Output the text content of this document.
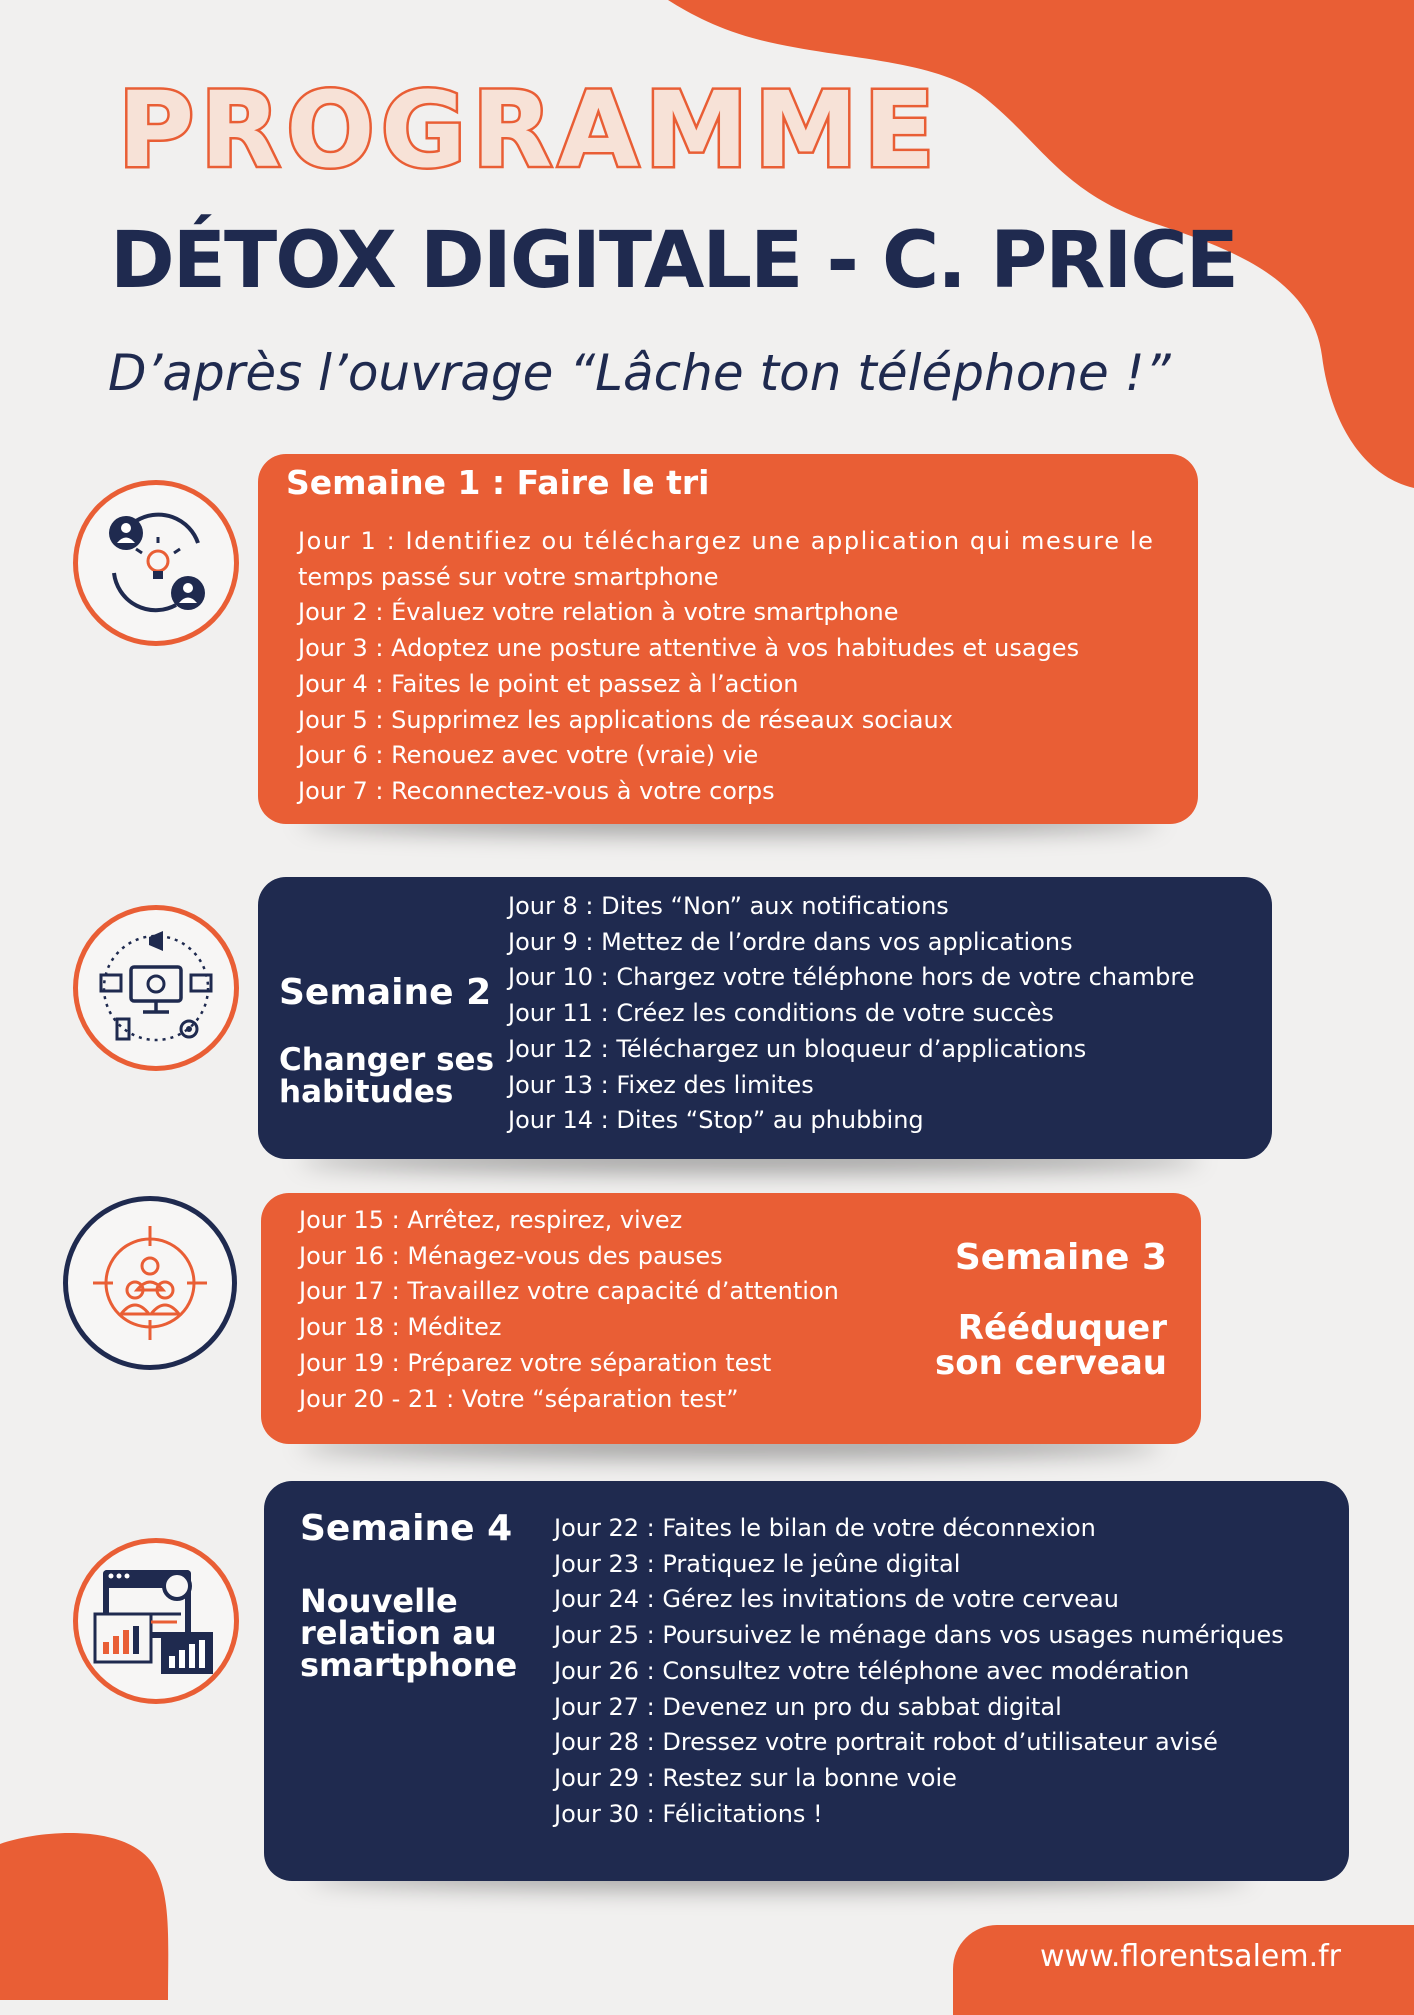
PROGRAMME
DÉTOX DIGITALE - C. PRICE

D’après l’ouvrage “Lâche ton téléphone !”

Semaine 1 : Faire le tri
Jour 1 : Identifiez ou téléchargez une application qui mesure le
temps passé sur votre smartphone
Jour 2 : Évaluez votre relation à votre smartphone
Jour 3 : Adoptez une posture attentive à vos habitudes et usages
Jour 4 : Faites le point et passez à l’action
Jour 5 : Supprimez les applications de réseaux sociaux
Jour 6 : Renouez avec votre (vraie) vie
Jour 7 : Reconnectez-vous à votre corps
Semaine 2
Changer ses
habitudes
Jour 8 : Dites “Non” aux notifications
Jour 9 : Mettez de l’ordre dans vos applications
Jour 10 : Chargez votre téléphone hors de votre chambre
Jour 11 : Créez les conditions de votre succès
Jour 12 : Téléchargez un bloqueur d’applications
Jour 13 : Fixez des limites
Jour 14 : Dites “Stop” au phubbing
Jour 15 : Arrêtez, respirez, vivez
Jour 16 : Ménagez-vous des pauses
Jour 17 : Travaillez votre capacité d’attention
Jour 18 : Méditez
Jour 19 : Préparez votre séparation test
Jour 20 - 21 : Votre “séparation test”
Semaine 3
Rééduquer
son cerveau
Semaine 4
Nouvelle
relation au
smartphone
Jour 22 : Faites le bilan de votre déconnexion
Jour 23 : Pratiquez le jeûne digital
Jour 24 : Gérez les invitations de votre cerveau
Jour 25 : Poursuivez le ménage dans vos usages numériques
Jour 26 : Consultez votre téléphone avec modération
Jour 27 : Devenez un pro du sabbat digital
Jour 28 : Dressez votre portrait robot d’utilisateur avisé
Jour 29 : Restez sur la bonne voie
Jour 30 : Félicitations !

www.florentsalem.fr
